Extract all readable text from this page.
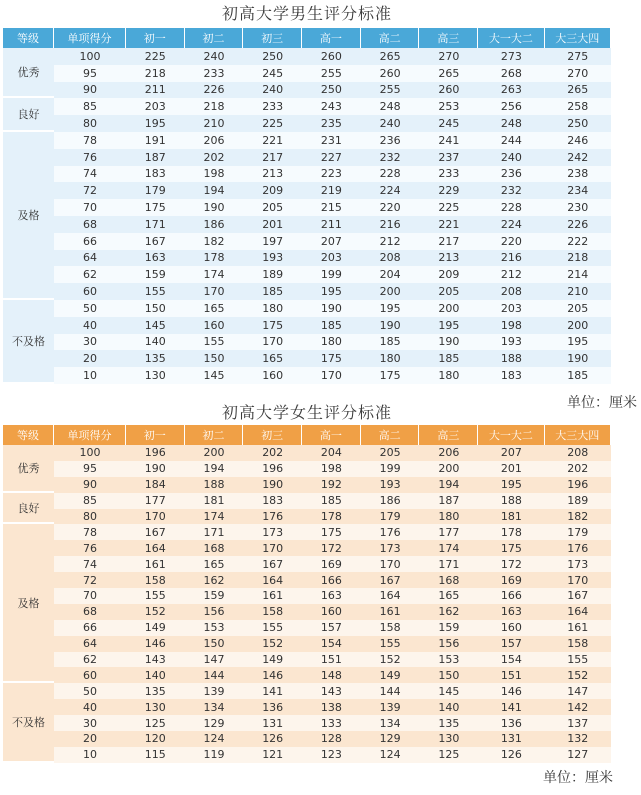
初高大学男生评分标准
等级	单项得分	初一	初二	初三	高一	高二	高三	大一大二	大三大四
优秀	100	225	240	250	260	265	270	273	275
	95	218	233	245	255	260	265	268	270
	90	211	226	240	250	255	260	263	265
良好	85	203	218	233	243	248	253	256	258
	80	195	210	225	235	240	245	248	250
及格	78	191	206	221	231	236	241	244	246
	76	187	202	217	227	232	237	240	242
	74	183	198	213	223	228	233	236	238
	72	179	194	209	219	224	229	232	234
	70	175	190	205	215	220	225	228	230
	68	171	186	201	211	216	221	224	226
	66	167	182	197	207	212	217	220	222
	64	163	178	193	203	208	213	216	218
	62	159	174	189	199	204	209	212	214
	60	155	170	185	195	200	205	208	210
不及格	50	150	165	180	190	195	200	203	205
	40	145	160	175	185	190	195	198	200
	30	140	155	170	180	185	190	193	195
	20	135	150	165	175	180	185	188	190
	10	130	145	160	170	175	180	183	185
单位：厘米
初高大学女生评分标准
等级	单项得分	初一	初二	初三	高一	高二	高三	大一大二	大三大四
优秀	100	196	200	202	204	205	206	207	208
	95	190	194	196	198	199	200	201	202
	90	184	188	190	192	193	194	195	196
良好	85	177	181	183	185	186	187	188	189
	80	170	174	176	178	179	180	181	182
及格	78	167	171	173	175	176	177	178	179
	76	164	168	170	172	173	174	175	176
	74	161	165	167	169	170	171	172	173
	72	158	162	164	166	167	168	169	170
	70	155	159	161	163	164	165	166	167
	68	152	156	158	160	161	162	163	164
	66	149	153	155	157	158	159	160	161
	64	146	150	152	154	155	156	157	158
	62	143	147	149	151	152	153	154	155
	60	140	144	146	148	149	150	151	152
不及格	50	135	139	141	143	144	145	146	147
	40	130	134	136	138	139	140	141	142
	30	125	129	131	133	134	135	136	137
	20	120	124	126	128	129	130	131	132
	10	115	119	121	123	124	125	126	127
单位：厘米
